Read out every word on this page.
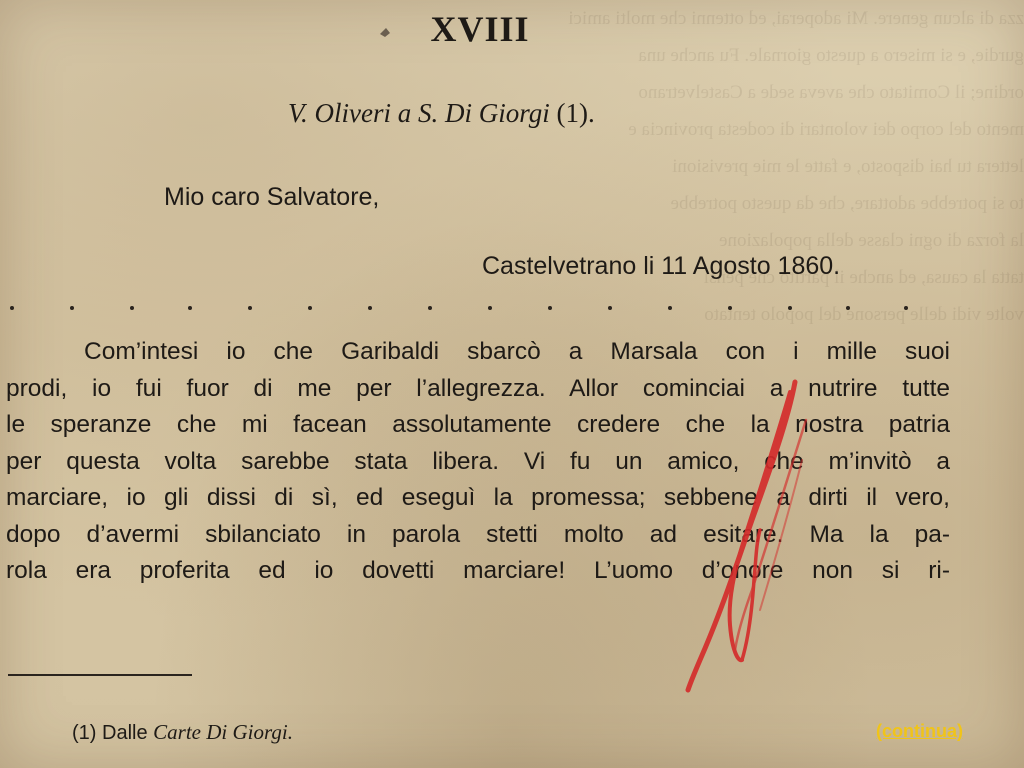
zza di alcun genere. Mi adoperai, ed ottenni che molti amici
gurdie, e si misero a questo giornale. Fu anche una
ordine; il Comitato che aveva sede a Castelvetrano
mento del corpo dei volontari di codesta provincia e
lettera tu hai disposto, e fatte le mie previsioni
to si potrebbe adottare, che da questo potrebbe
la forza di ogni classe della popolazione
tatta la causa, ed anche il partito che pensi
volte vidi delle persone del popolo tentato
XVIII
V. Oliveri a S. Di Giorgi (1).
Mio caro Salvatore,
Castelvetrano li 11 Agosto 1860.
Com’intesi io che Garibaldi sbarcò a Marsala con i mille suoi
prodi, io fui fuor di me per l’allegrezza. Allor cominciai a nutrire tutte
le speranze che mi facean assolutamente credere che la nostra patria
per questa volta sarebbe stata libera. Vi fu un amico, che m’invitò a
marciare, io gli dissi di sì, ed eseguì la promessa; sebbene a dirti il vero,
dopo d’avermi sbilanciato in parola stetti molto ad esitare. Ma la pa-
rola era proferita ed io dovetti marciare! L’uomo d’onore non si ri-
(1) Dalle Carte Di Giorgi.	(continua)
